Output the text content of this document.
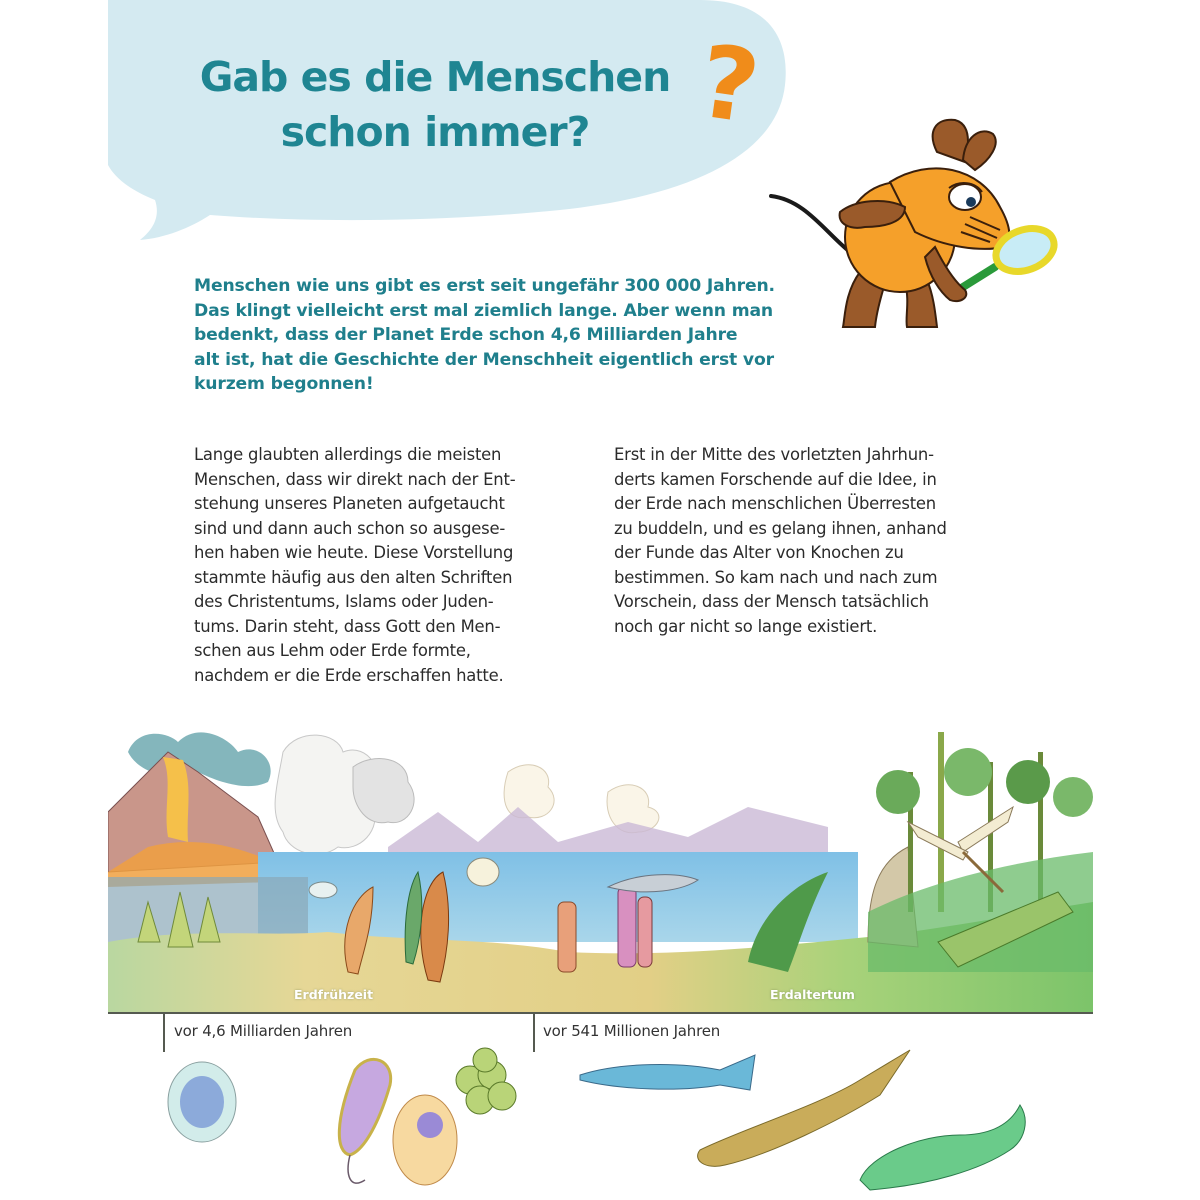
Gab es die Menschen
schon immer?	?
Menschen wie uns gibt es erst seit ungefähr 300 000 Jahren.
Das klingt vielleicht erst mal ziemlich lange. Aber wenn man
bedenkt, dass der Planet Erde schon 4,6 Milliarden Jahre
alt ist, hat die Geschichte der Menschheit eigentlich erst vor
kurzem begonnen!
Lange glaubten allerdings die meisten
Menschen, dass wir direkt nach der Ent-
stehung unseres Planeten aufgetaucht
sind und dann auch schon so ausgese-
hen haben wie heute. Diese Vorstellung
stammte häufig aus den alten Schriften
des Christentums, Islams oder Juden-
tums. Darin steht, dass Gott den Men-
schen aus Lehm oder Erde formte,
nachdem er die Erde erschaffen hatte.
Erst in der Mitte des vorletzten Jahrhun-
derts kamen Forschende auf die Idee, in
der Erde nach menschlichen Überresten
zu buddeln, und es gelang ihnen, anhand
der Funde das Alter von Knochen zu
bestimmen. So kam nach und nach zum
Vorschein, dass der Mensch tatsächlich
noch gar nicht so lange existiert.
Erdfrühzeit	Erdaltertum
vor 4,6 Milliarden Jahren	vor 541 Millionen Jahren
